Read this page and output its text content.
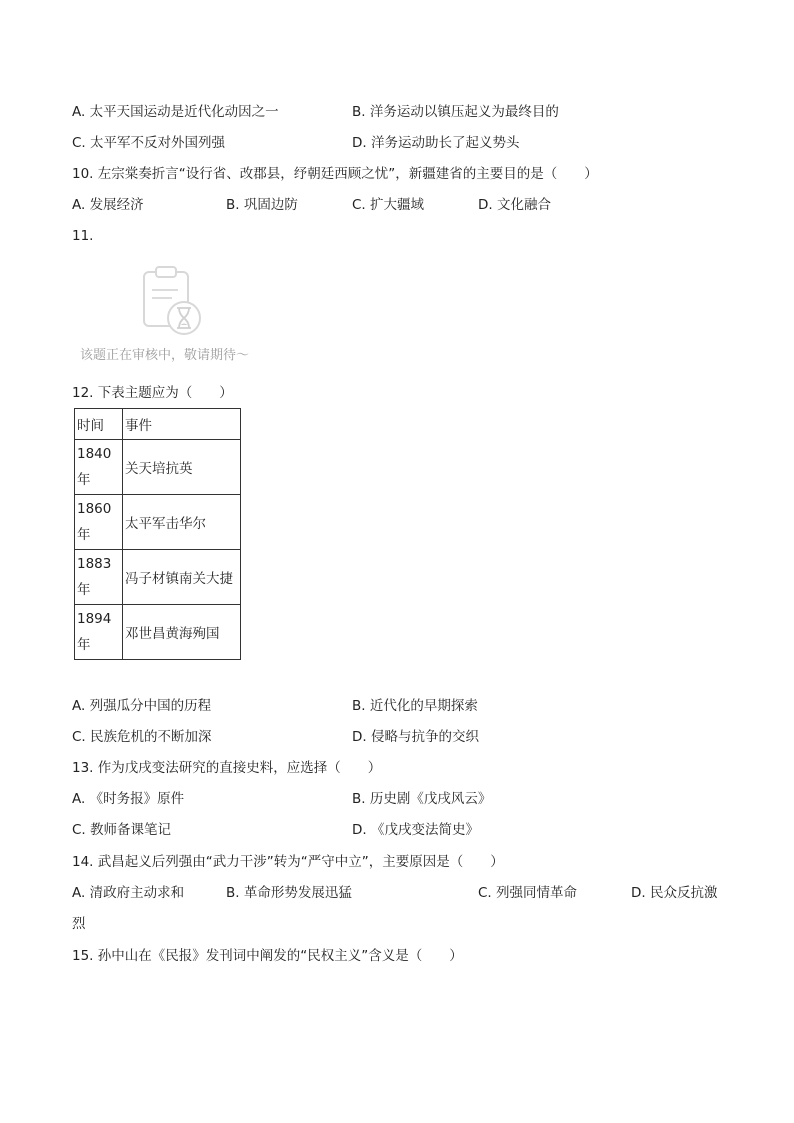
A. 太平天国运动是近代化动因之一	B. 洋务运动以镇压起义为最终目的
C. 太平军不反对外国列强	D. 洋务运动助长了起义势头
10. 左宗棠奏折言“设行省、改郡县，纾朝廷西顾之忧”，新疆建省的主要目的是（　　）
A. 发展经济	B. 巩固边防	C. 扩大疆域	D. 文化融合
11.
该题正在审核中，敬请期待～
12. 下表主题应为（　　）
时间	事件

1840
年	关天培抗英

1860
年	太平军击华尔

1883
年	冯子材镇南关大捷

1894
年	邓世昌黄海殉国
A. 列强瓜分中国的历程	B. 近代化的早期探索
C. 民族危机的不断加深	D. 侵略与抗争的交织
13. 作为戊戌变法研究的直接史料，应选择（　　）
A. 《时务报》原件	B. 历史剧《戊戌风云》
C. 教师备课笔记	D. 《戊戌变法简史》
14. 武昌起义后列强由“武力干涉”转为“严守中立”，主要原因是（　　）
A. 清政府主动求和	B. 革命形势发展迅猛	C. 列强同情革命	D. 民众反抗激
烈
15. 孙中山在《民报》发刊词中阐发的“民权主义”含义是（　　）
